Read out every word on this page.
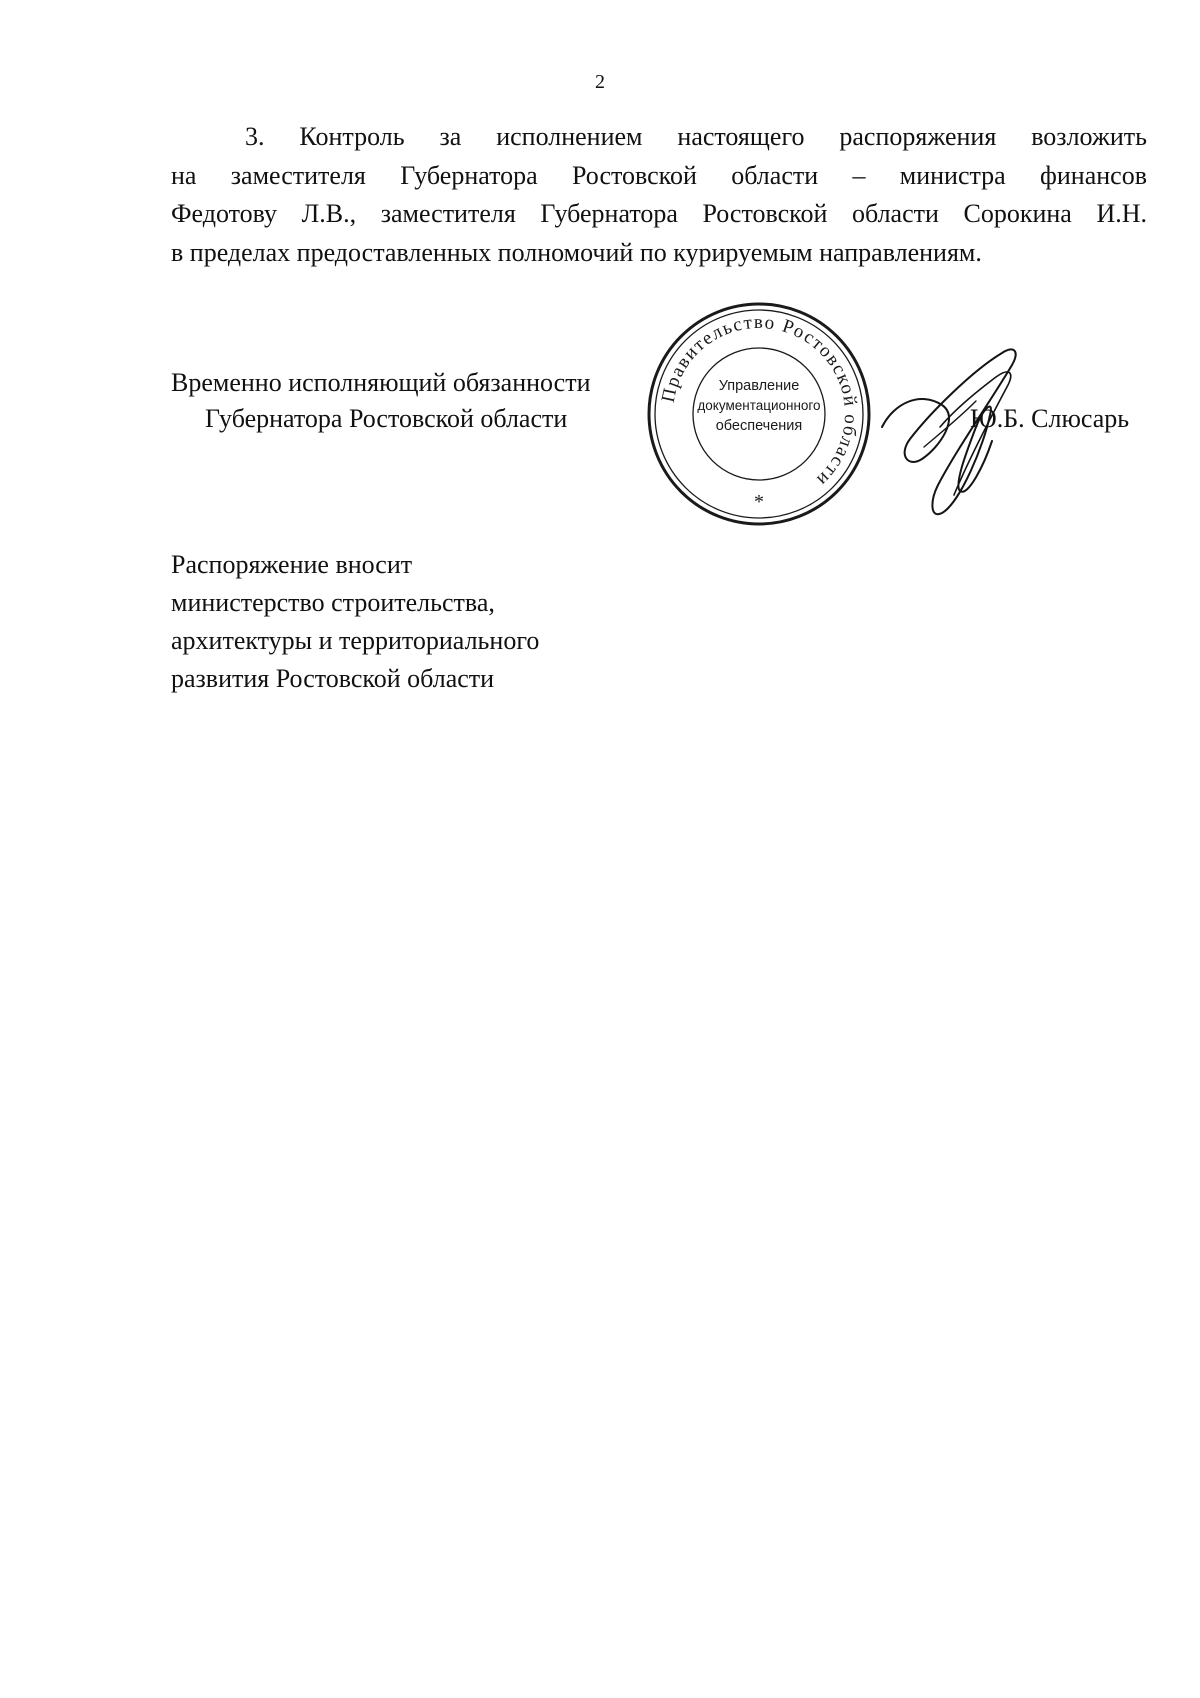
2
3. Контроль за исполнением настоящего распоряжения возложить
на заместителя Губернатора Ростовской области – министра финансов
Федотову Л.В., заместителя Губернатора Ростовской области Сорокина И.Н.
в пределах предоставленных полномочий по курируемым направлениям.
Временно исполняющий обязанности
Губернатора Ростовской области
Правительство Ростовской области
Управление
документационного
обеспечения
*
Ю.Б. Слюсарь
Распоряжение вносит
министерство строительства,
архитектуры и территориального
развития Ростовской области
